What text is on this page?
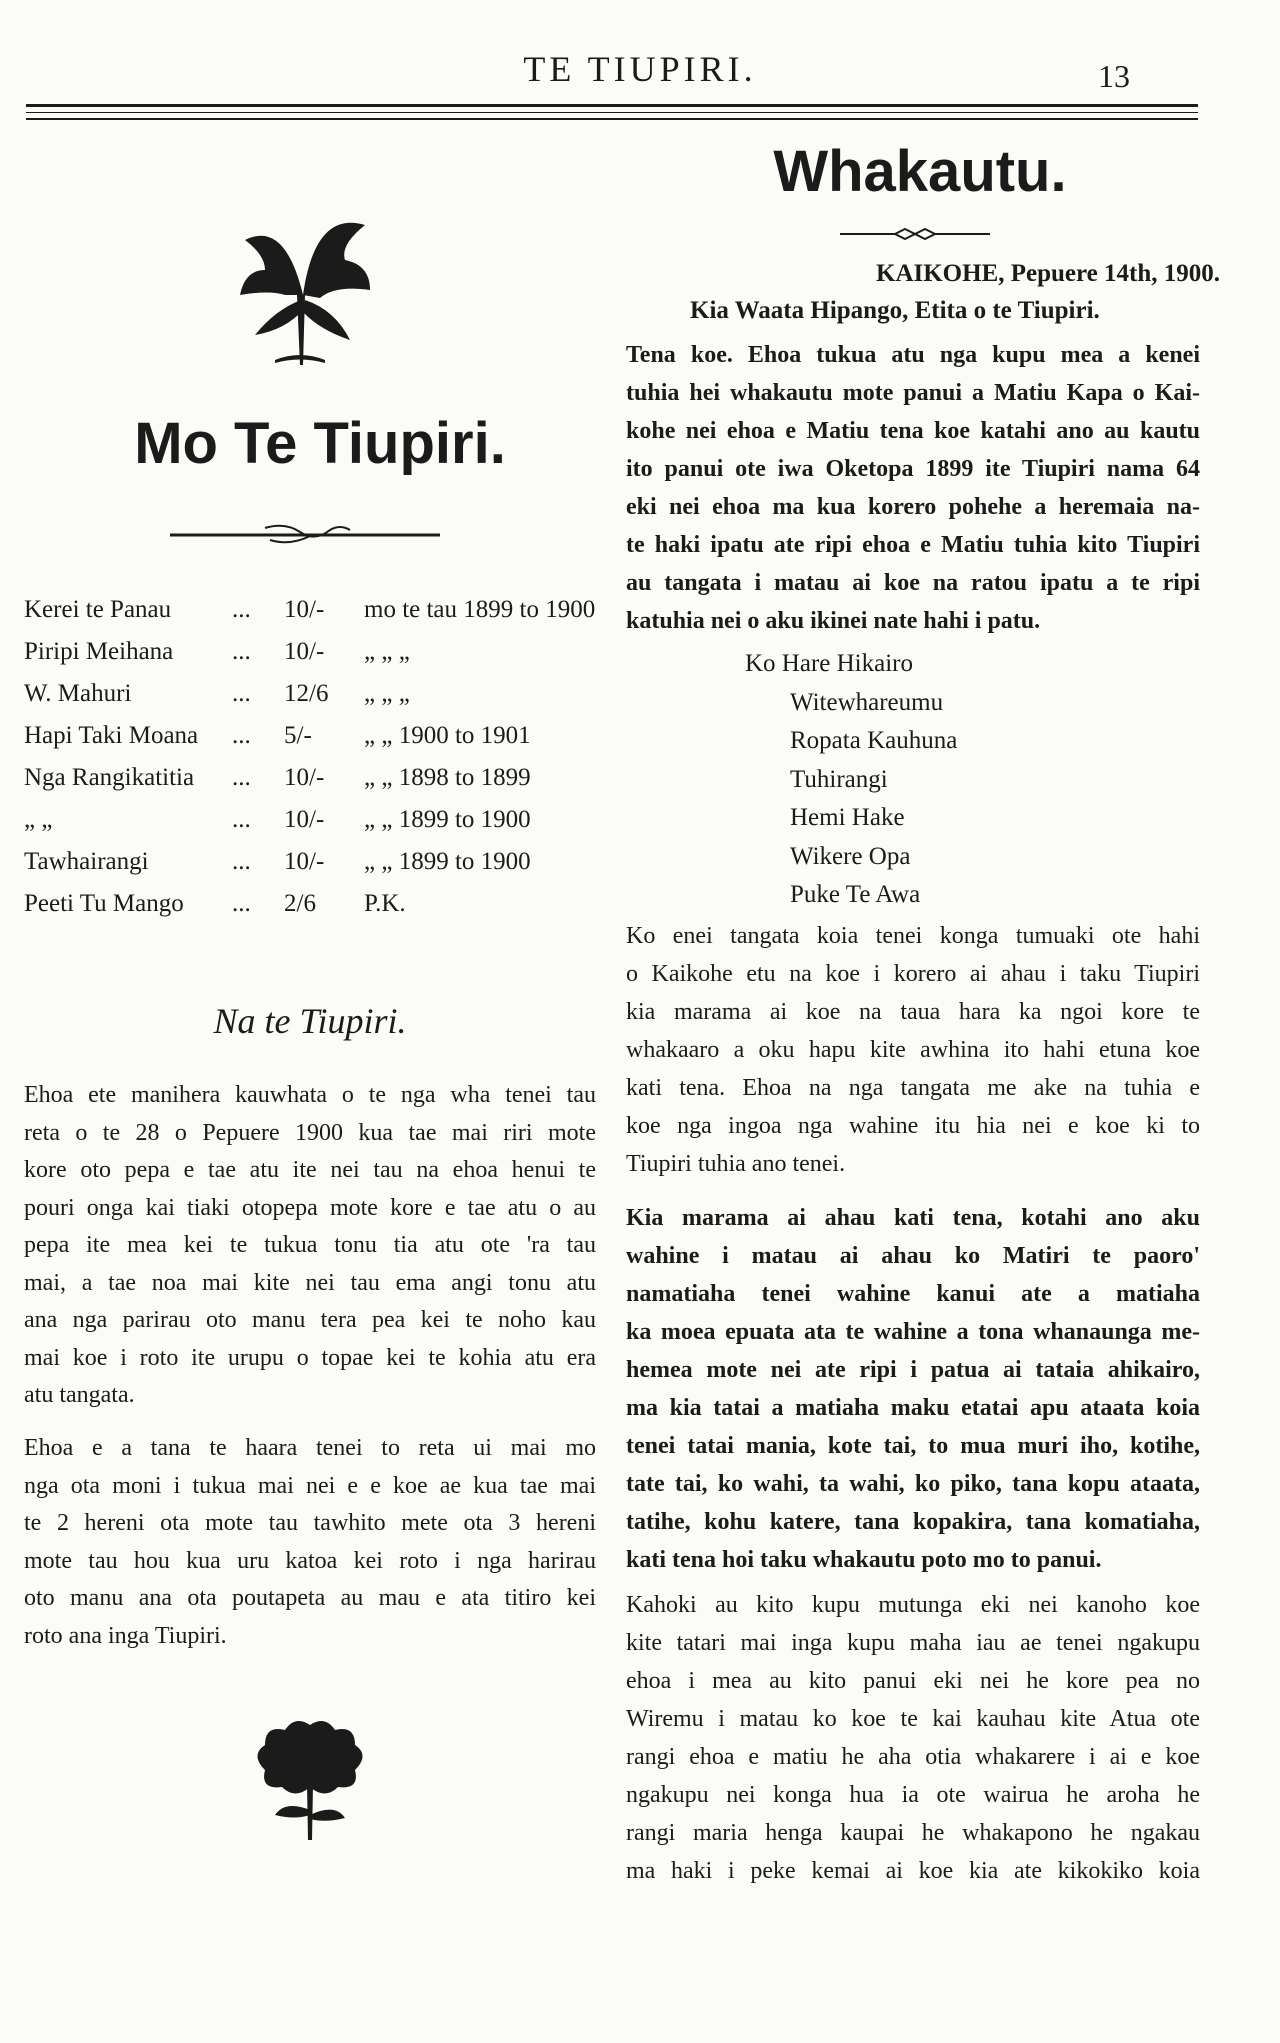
TE TIUPIRI.	13
Mo Te Tiupiri.
Kerei te Panau ... 10/- mo te tau 1899 to 1900
Piripi Meihana ... 10/- „ „ „
W. Mahuri	... 12/6 „ „ „
Hapi Taki Moana ... 5/- „ „ 1900 to 1901
Nga Rangikatitia ... 10/- „ „ 1898 to 1899
„ „	... 10/- „ „ 1899 to 1900
Tawhairangi	... 10/- „ „ 1899 to 1900
Peeti Tu Mango ... 2/6 P.K.
Na te Tiupiri.
Ehoa ete manihera kauwhata o te nga wha tenei tau
reta o te 28 o Pepuere 1900 kua tae mai riri mote
kore oto pepa e tae atu ite nei tau na ehoa henui te
pouri onga kai tiaki otopepa mote kore e tae atu o au
pepa ite mea kei te tukua tonu tia atu ote 'ra tau
mai, a tae noa mai kite nei tau ema angi tonu atu
ana nga parirau oto manu tera pea kei te noho kau
mai koe i roto ite urupu o topae kei te kohia atu era
atu tangata.
Ehoa e a tana te haara tenei to reta ui mai mo
nga ota moni i tukua mai nei e e koe ae kua tae mai
te 2 hereni ota mote tau tawhito mete ota 3 hereni
mote tau hou kua uru katoa kei roto i nga harirau
oto manu ana ota poutapeta au mau e ata titiro kei
roto ana inga Tiupiri.
Whakautu.
KAIKOHE, Pepuere 14th, 1900.
Kia Waata Hipango, Etita o te Tiupiri.
Tena koe. Ehoa tukua atu nga kupu mea a kenei
tuhia hei whakautu mote panui a Matiu Kapa o Kai-
kohe nei ehoa e Matiu tena koe katahi ano au kautu
ito panui ote iwa Oketopa 1899 ite Tiupiri nama 64
eki nei ehoa ma kua korero pohehe a heremaia na-
te haki ipatu ate ripi ehoa e Matiu tuhia kito Tiupiri
au tangata i matau ai koe na ratou ipatu a te ripi
katuhia nei o aku ikinei nate hahi i patu.
Ko Hare Hikairo
Witewhareumu
Ropata Kauhuna
Tuhirangi
Hemi Hake
Wikere Opa
Puke Te Awa
Ko enei tangata koia tenei konga tumuaki ote hahi
o Kaikohe etu na koe i korero ai ahau i taku Tiupiri
kia marama ai koe na taua hara ka ngoi kore te
whakaaro a oku hapu kite awhina ito hahi etuna koe
kati tena. Ehoa na nga tangata me ake na tuhia e
koe nga ingoa nga wahine itu hia nei e koe ki to
Tiupiri tuhia ano tenei.
Kia marama ai ahau kati tena, kotahi ano aku
wahine i matau ai ahau ko Matiri te paoro'
namatiaha tenei wahine kanui ate a matiaha
ka moea epuata ata te wahine a tona whanaunga me-
hemea mote nei ate ripi i patua ai tataia ahikairo,
ma kia tatai a matiaha maku etatai apu ataata koia
tenei tatai mania, kote tai, to mua muri iho, kotihe,
tate tai, ko wahi, ta wahi, ko piko, tana kopu ataata,
tatihe, kohu katere, tana kopakira, tana komatiaha,
kati tena hoi taku whakautu poto mo to panui.
Kahoki au kito kupu mutunga eki nei kanoho koe
kite tatari mai inga kupu maha iau ae tenei ngakupu
ehoa i mea au kito panui eki nei he kore pea no
Wiremu i matau ko koe te kai kauhau kite Atua ote
rangi ehoa e matiu he aha otia whakarere i ai e koe
ngakupu nei konga hua ia ote wairua he aroha he
rangi maria henga kaupai he whakapono he ngakau
ma haki i peke kemai ai koe kia ate kikokiko koia
